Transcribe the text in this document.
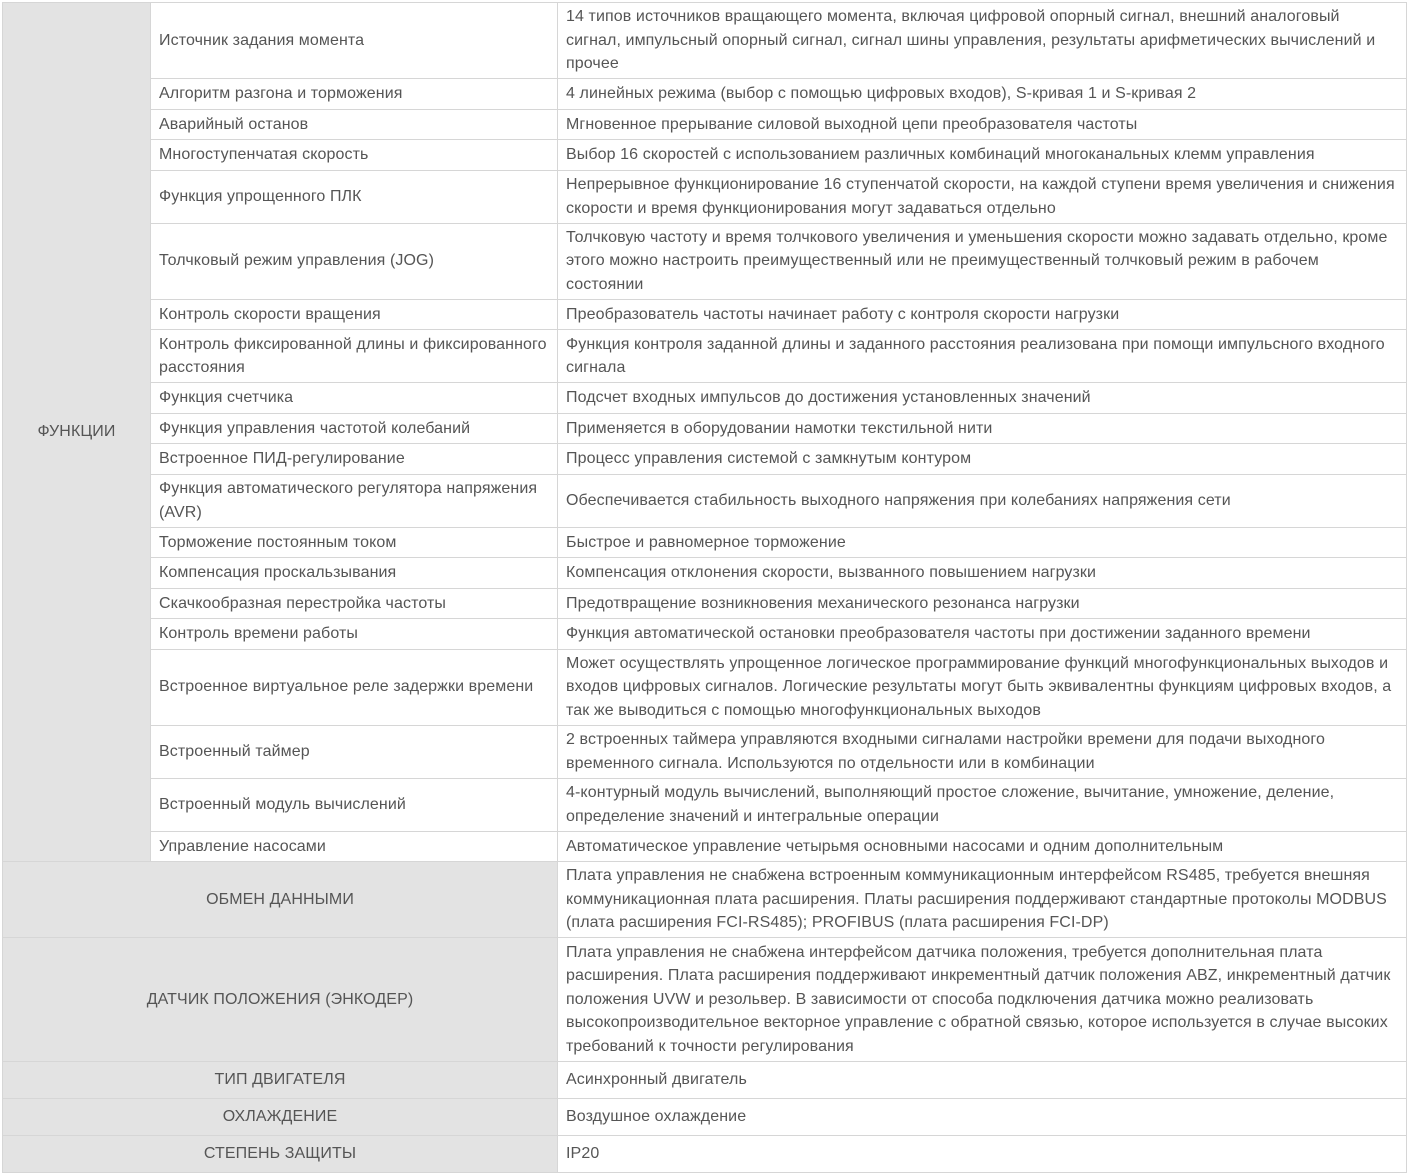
ФУНКЦИИ	Источник задания момента	14 типов источников вращающего момента, включая цифровой опорный сигнал, внешний аналоговый сигнал, импульсный опорный сигнал, сигнал шины управления, результаты арифметических вычислений и прочее
	Алгоритм разгона и торможения	4 линейных режима (выбор с помощью цифровых входов), S-кривая 1 и S-кривая 2
	Аварийный останов	Мгновенное прерывание силовой выходной цепи преобразователя частоты
	Многоступенчатая скорость	Выбор 16 скоростей с использованием различных комбинаций многоканальных клемм управления
	Функция упрощенного ПЛК	Непрерывное функционирование 16 ступенчатой скорости, на каждой ступени время увеличения и снижения скорости и время функционирования могут задаваться отдельно
	Толчковый режим управления (JOG)	Толчковую частоту и время толчкового увеличения и уменьшения скорости можно задавать отдельно, кроме этого можно настроить преимущественный или не преимущественный толчковый режим в рабочем состоянии
	Контроль скорости вращения	Преобразователь частоты начинает работу с контроля скорости нагрузки
	Контроль фиксированной длины и фиксированного расстояния	Функция контроля заданной длины и заданного расстояния реализована при помощи импульсного входного сигнала
	Функция счетчика	Подсчет входных импульсов до достижения установленных значений
	Функция управления частотой колебаний	Применяется в оборудовании намотки текстильной нити
	Встроенное ПИД-регулирование	Процесс управления системой с замкнутым контуром
	Функция автоматического регулятора напряжения (AVR)	Обеспечивается стабильность выходного напряжения при колебаниях напряжения сети
	Торможение постоянным током	Быстрое и равномерное торможение
	Компенсация проскальзывания	Компенсация отклонения скорости, вызванного повышением нагрузки
	Скачкообразная перестройка частоты	Предотвращение возникновения механического резонанса нагрузки
	Контроль времени работы	Функция автоматической остановки преобразователя частоты при достижении заданного времени
	Встроенное виртуальное реле задержки времени	Может осуществлять упрощенное логическое программирование функций многофункциональных выходов и входов цифровых сигналов. Логические результаты могут быть эквивалентны функциям цифровых входов, а так же выводиться с помощью многофункциональных выходов
	Встроенный таймер	2 встроенных таймера управляются входными сигналами настройки времени для подачи выходного временного сигнала. Используются по отдельности или в комбинации
	Встроенный модуль вычислений	4-контурный модуль вычислений, выполняющий простое сложение, вычитание, умножение, деление, определение значений и интегральные операции
	Управление насосами	Автоматическое управление четырьмя основными насосами и одним дополнительным
ОБМЕН ДАННЫМИ		Плата управления не снабжена встроенным коммуникационным интерфейсом RS485, требуется внешняя коммуникационная плата расширения. Платы расширения поддерживают стандартные протоколы MODBUS (плата расширения FCI-RS485); PROFIBUS (плата расширения FCI-DP)
ДАТЧИК ПОЛОЖЕНИЯ (ЭНКОДЕР)		Плата управления не снабжена интерфейсом датчика положения, требуется дополнительная плата расширения. Плата расширения поддерживают инкрементный датчик положения ABZ, инкрементный датчик положения UVW и резольвер. В зависимости от способа подключения датчика можно реализовать высокопроизводительное векторное управление с обратной связью, которое используется в случае высоких требований к точности регулирования
ТИП ДВИГАТЕЛЯ		Асинхронный двигатель
ОХЛАЖДЕНИЕ		Воздушное охлаждение
СТЕПЕНЬ ЗАЩИТЫ		IP20
